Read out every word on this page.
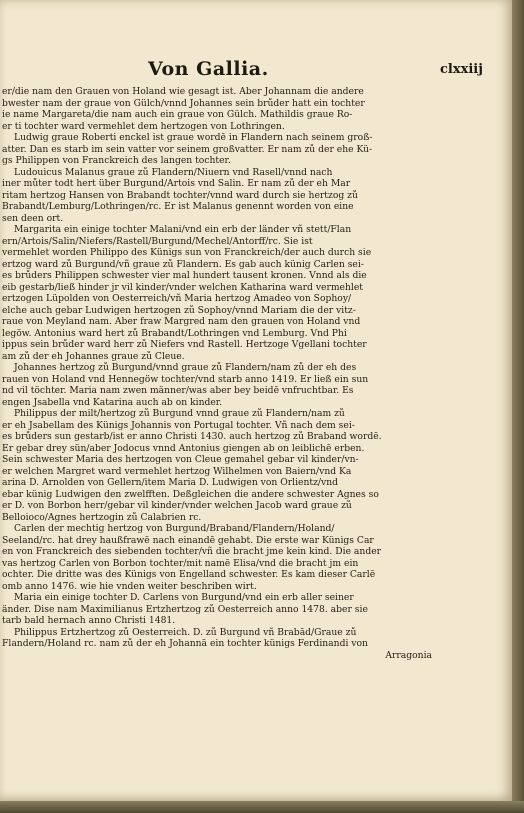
Von Gallia.	clxxiij
er/die nam den Grauen von Holand wie gesagt ist. Aber Johannam die andere
bwester nam der graue von Gülch/vnnd Johannes sein brůder hatt ein tochter
ie name Margareta/die nam auch ein graue von Gülch. Mathildis graue Ro-
er ti tochter ward vermehlet dem hertzogen von Lothringen.
Ludwig graue Roberti enckel ist graue wordē in Flandern nach seinem groß-
atter. Dan es starb im sein vatter vor seinem großvatter. Er nam zů der ehe Kü-
gs Philippen von Franckreich des langen tochter.
Ludouicus Malanus graue zů Flandern/Niuern vnd Rasell/vnnd nach
iner můter todt hert über Burgund/Artois vnd Salin. Er nam zů der eh Mar
ritam hertzog Hansen von Brabandt tochter/vnnd ward durch sie hertzog zů
Brabandt/Lemburg/Lothringen/rc. Er ist Malanus genennt worden von eine
sen deen ort.
Margarita ein einige tochter Malani/vnd ein erb der länder vñ stett/Flan
ern/Artois/Salin/Niefers/Rastell/Burgund/Mechel/Antorff/rc. Sie ist
vermehlet worden Philippo des Künigs sun von Franckreich/der auch durch sie
ertzog ward zů Burgund/vñ graue zů Flandern. Es gab auch künig Carlen sei-
es brůders Philippen schwester vier mal hundert tausent kronen. Vnnd als die
eib gestarb/ließ hinder jr vil kinder/vnder welchen Katharina ward vermehlet
ertzogen Lüpolden von Oesterreich/vñ Maria hertzog Amadeo von Sophoy/
elche auch gebar Ludwigen hertzogen zů Sophoy/vnnd Mariam die der vitz-
raue von Meyland nam. Aber fraw Margred nam den grauen von Holand vnd
legöw. Antonius ward hert zů Brabandt/Lothringen vnd Lemburg. Vnd Phi
ippus sein brůder ward herr zů Niefers vnd Rastell. Hertzoge Vgellani tochter
am zů der eh Johannes graue zů Cleue.
Johannes hertzog zů Burgund/vnnd graue zů Flandern/nam zů der eh des
rauen von Holand vnd Hennegöw tochter/vnd starb anno 1419. Er ließ ein sun
nd vil töchter. Maria nam zwen männer/was aber bey beidē vnfruchtbar. Es
engen Jsabella vnd Katarina auch ab on kinder.
Philippus der milt/hertzog zů Burgund vnnd graue zů Flandern/nam zů
er eh Jsabellam des Künigs Johannis von Portugal tochter. Vñ nach dem sei-
es brůders sun gestarb/ist er anno Christi 1430. auch hertzog zů Braband wordē.
Er gebar drey sün/aber Jodocus vnnd Antonius giengen ab on leiblichē erben.
Sein schwester Maria des hertzogen von Cleue gemahel gebar vil kinder/vn-
er welchen Margret ward vermehlet hertzog Wilhelmen von Baiern/vnd Ka
arina D. Arnolden von Gellern/item Maria D. Ludwigen von Orlientz/vnd
ebar künig Ludwigen den zwelfften. Deßgleichen die andere schwester Agnes so
er D. von Borbon herr/gebar vil kinder/vnder welchen Jacob ward graue zů
Belloioco/Agnes hertzogin zů Calabrien rc.
Carlen der mechtig hertzog von Burgund/Braband/Flandern/Holand/
Seeland/rc. hat drey haußfrawē nach einandē gehabt. Die erste war Künigs Car
en von Franckreich des siebenden tochter/vñ die bracht jme kein kind. Die ander
vas hertzog Carlen von Borbon tochter/mit namē Elisa/vnd die bracht jm ein
ochter. Die dritte was des Künigs von Engelland schwester. Es kam dieser Carlē
omb anno 1476. wie hie vnden weiter beschriben wirt.
Maria ein einige tochter D. Carlens von Burgund/vnd ein erb aller seiner
änder. Dise nam Maximilianus Ertzhertzog zů Oesterreich anno 1478. aber sie
tarb bald hernach anno Christi 1481.
Philippus Ertzhertzog zů Oesterreich. D. zů Burgund vñ Brabād/Graue zů
Flandern/Holand rc. nam zů der eh Johannā ein tochter künigs Ferdinandi von
Arragonia
